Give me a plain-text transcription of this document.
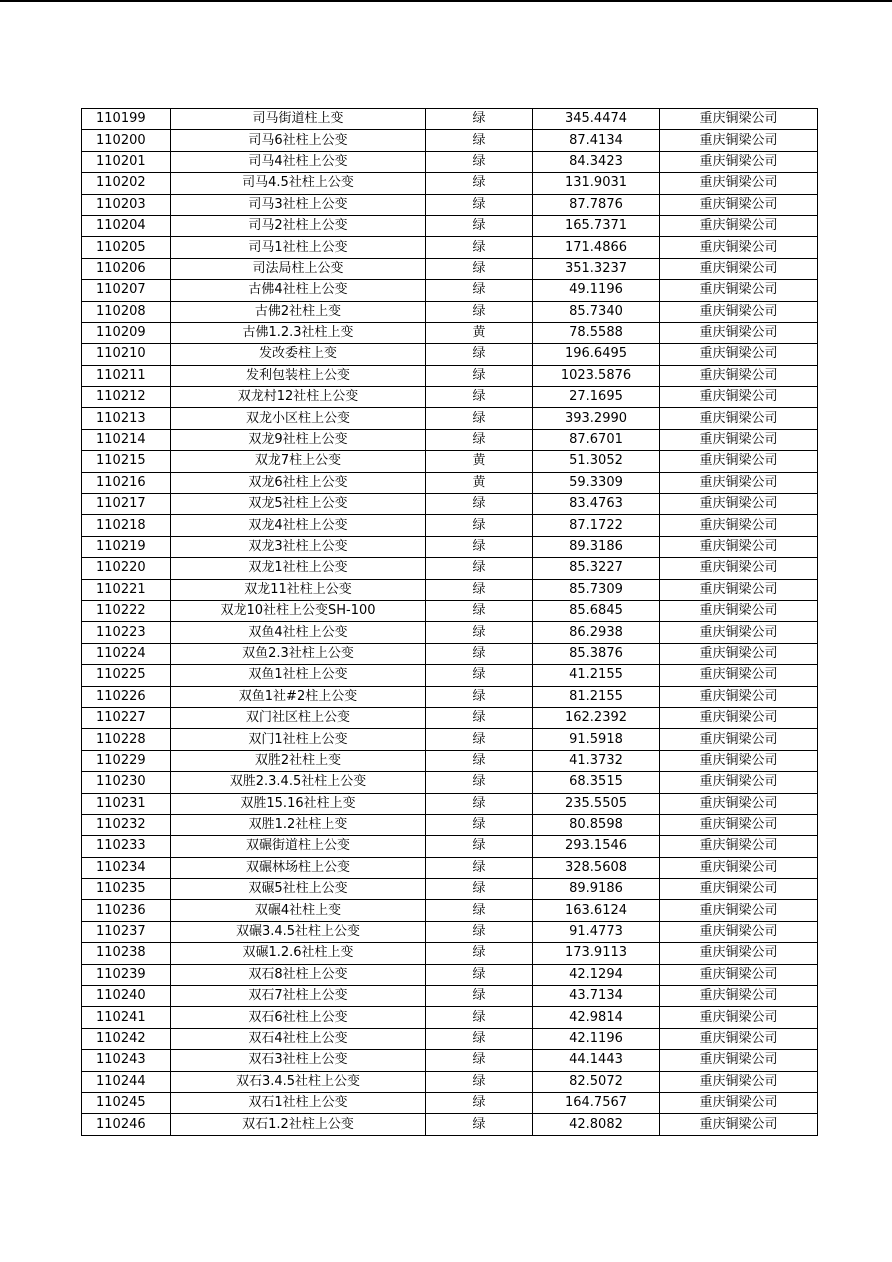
110199	司马街道柱上变	绿	345.4474	重庆铜梁公司
110200	司马6社柱上公变	绿	87.4134	重庆铜梁公司
110201	司马4社柱上公变	绿	84.3423	重庆铜梁公司
110202	司马4.5社柱上公变	绿	131.9031	重庆铜梁公司
110203	司马3社柱上公变	绿	87.7876	重庆铜梁公司
110204	司马2社柱上公变	绿	165.7371	重庆铜梁公司
110205	司马1社柱上公变	绿	171.4866	重庆铜梁公司
110206	司法局柱上公变	绿	351.3237	重庆铜梁公司
110207	古佛4社柱上公变	绿	49.1196	重庆铜梁公司
110208	古佛2社柱上变	绿	85.7340	重庆铜梁公司
110209	古佛1.2.3社柱上变	黄	78.5588	重庆铜梁公司
110210	发改委柱上变	绿	196.6495	重庆铜梁公司
110211	发利包装柱上公变	绿	1023.5876	重庆铜梁公司
110212	双龙村12社柱上公变	绿	27.1695	重庆铜梁公司
110213	双龙小区柱上公变	绿	393.2990	重庆铜梁公司
110214	双龙9社柱上公变	绿	87.6701	重庆铜梁公司
110215	双龙7柱上公变	黄	51.3052	重庆铜梁公司
110216	双龙6社柱上公变	黄	59.3309	重庆铜梁公司
110217	双龙5社柱上公变	绿	83.4763	重庆铜梁公司
110218	双龙4社柱上公变	绿	87.1722	重庆铜梁公司
110219	双龙3社柱上公变	绿	89.3186	重庆铜梁公司
110220	双龙1社柱上公变	绿	85.3227	重庆铜梁公司
110221	双龙11社柱上公变	绿	85.7309	重庆铜梁公司
110222	双龙10社柱上公变SH-100	绿	85.6845	重庆铜梁公司
110223	双鱼4社柱上公变	绿	86.2938	重庆铜梁公司
110224	双鱼2.3社柱上公变	绿	85.3876	重庆铜梁公司
110225	双鱼1社柱上公变	绿	41.2155	重庆铜梁公司
110226	双鱼1社#2柱上公变	绿	81.2155	重庆铜梁公司
110227	双门社区柱上公变	绿	162.2392	重庆铜梁公司
110228	双门1社柱上公变	绿	91.5918	重庆铜梁公司
110229	双胜2社柱上变	绿	41.3732	重庆铜梁公司
110230	双胜2.3.4.5社柱上公变	绿	68.3515	重庆铜梁公司
110231	双胜15.16社柱上变	绿	235.5505	重庆铜梁公司
110232	双胜1.2社柱上变	绿	80.8598	重庆铜梁公司
110233	双碾街道柱上公变	绿	293.1546	重庆铜梁公司
110234	双碾林场柱上公变	绿	328.5608	重庆铜梁公司
110235	双碾5社柱上公变	绿	89.9186	重庆铜梁公司
110236	双碾4社柱上变	绿	163.6124	重庆铜梁公司
110237	双碾3.4.5社柱上公变	绿	91.4773	重庆铜梁公司
110238	双碾1.2.6社柱上变	绿	173.9113	重庆铜梁公司
110239	双石8社柱上公变	绿	42.1294	重庆铜梁公司
110240	双石7社柱上公变	绿	43.7134	重庆铜梁公司
110241	双石6社柱上公变	绿	42.9814	重庆铜梁公司
110242	双石4社柱上公变	绿	42.1196	重庆铜梁公司
110243	双石3社柱上公变	绿	44.1443	重庆铜梁公司
110244	双石3.4.5社柱上公变	绿	82.5072	重庆铜梁公司
110245	双石1社柱上公变	绿	164.7567	重庆铜梁公司
110246	双石1.2社柱上公变	绿	42.8082	重庆铜梁公司
